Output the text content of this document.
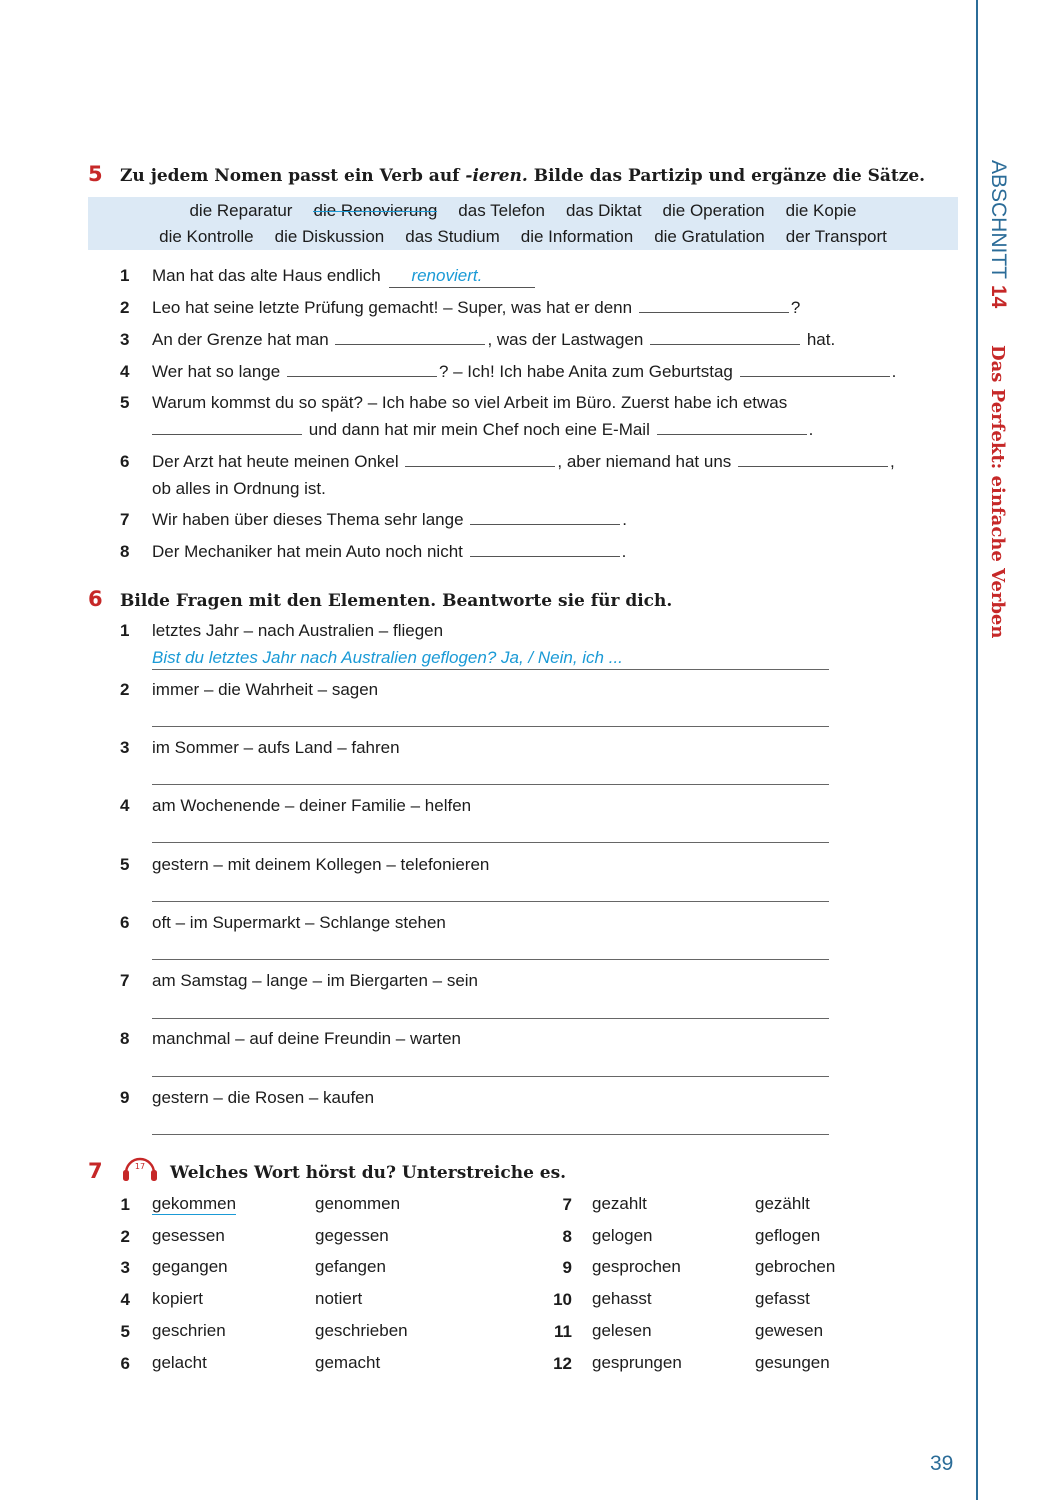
5 Zu jedem Nomen passt ein Verb auf -ieren. Bilde das Partizip und ergänze die Sätze.
die Reparatur die Renovierung das Telefon das Diktat die Operation die Kopie
die Kontrolle die Diskussion das Studium die Information die Gratulation der Transport
1 Man hat das alte Haus endlich renoviert.
2 Leo hat seine letzte Prüfung gemacht! – Super, was hat er denn	?
3 An der Grenze hat man	, was der Lastwagen	hat.
4 Wer hat so lange	? – Ich! Ich habe Anita zum Geburtstag	.
5 Warum kommst du so spät? – Ich habe so viel Arbeit im Büro. Zuerst habe ich etwas
und dann hat mir mein Chef noch eine E-Mail	.
6 Der Arzt hat heute meinen Onkel	, aber niemand hat uns	,
ob alles in Ordnung ist.
7 Wir haben über dieses Thema sehr lange	.
8 Der Mechaniker hat mein Auto noch nicht	.
6 Bilde Fragen mit den Elementen. Beantworte sie für dich.
1 letztes Jahr – nach Australien – fliegen
Bist du letztes Jahr nach Australien geflogen? Ja, / Nein, ich ...
2 immer – die Wahrheit – sagen
3 im Sommer – aufs Land – fahren
4 am Wochenende – deiner Familie – helfen
5 gestern – mit deinem Kollegen – telefonieren
6 oft – im Supermarkt – Schlange stehen
7 am Samstag – lange – im Biergarten – sein
8 manchmal – auf deine Freundin – warten
9 gestern – die Rosen – kaufen
7	17 Welches Wort hörst du? Unterstreiche es.
1 gekommen	genommen
2 gesessen	gegessen
3 gegangen	gefangen
4 kopiert	notiert
5 geschrien	geschrieben
6 gelacht	gemacht
7 gezahlt	gezählt
8 gelogen	geflogen
9 gesprochen	gebrochen
10 gehasst	gefasst
11 gelesen	gewesen
12 gesprungen	gesungen
ABSCHNITT 14
Das Perfekt: einfache Verben
39
